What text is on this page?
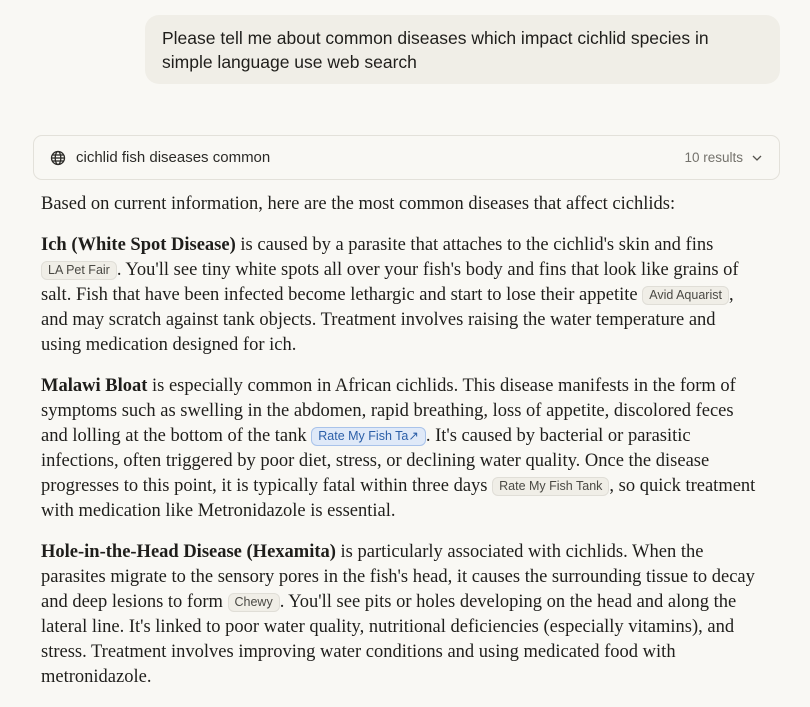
Please tell me about common diseases which impact cichlid species in simple language use web search
cichlid fish diseases common	10 results

Based on current information, here are the most common diseases that affect cichlids:

Ich (White Spot Disease) is caused by a parasite that attaches to the cichlid's skin and fins LA Pet Fair . You'll see tiny white spots all over your fish's body and fins that look like grains of salt. Fish that have been infected become lethargic and start to lose their appetite Avid Aquarist , and may scratch against tank objects. Treatment involves raising the water temperature and using medication designed for ich.

Malawi Bloat is especially common in African cichlids. This disease manifests in the form of symptoms such as swelling in the abdomen, rapid breathing, loss of appetite, discolored feces and lolling at the bottom of the tank Rate My Fish Ta↗ . It's caused by bacterial or parasitic infections, often triggered by poor diet, stress, or declining water quality. Once the disease progresses to this point, it is typically fatal within three days Rate My Fish Tank , so quick treatment with medication like Metronidazole is essential.

Hole-in-the-Head Disease (Hexamita) is particularly associated with cichlids. When the parasites migrate to the sensory pores in the fish's head, it causes the surrounding tissue to decay and deep lesions to form Chewy . You'll see pits or holes developing on the head and along the lateral line. It's linked to poor water quality, nutritional deficiencies (especially vitamins), and stress. Treatment involves improving water conditions and using medicated food with metronidazole.
